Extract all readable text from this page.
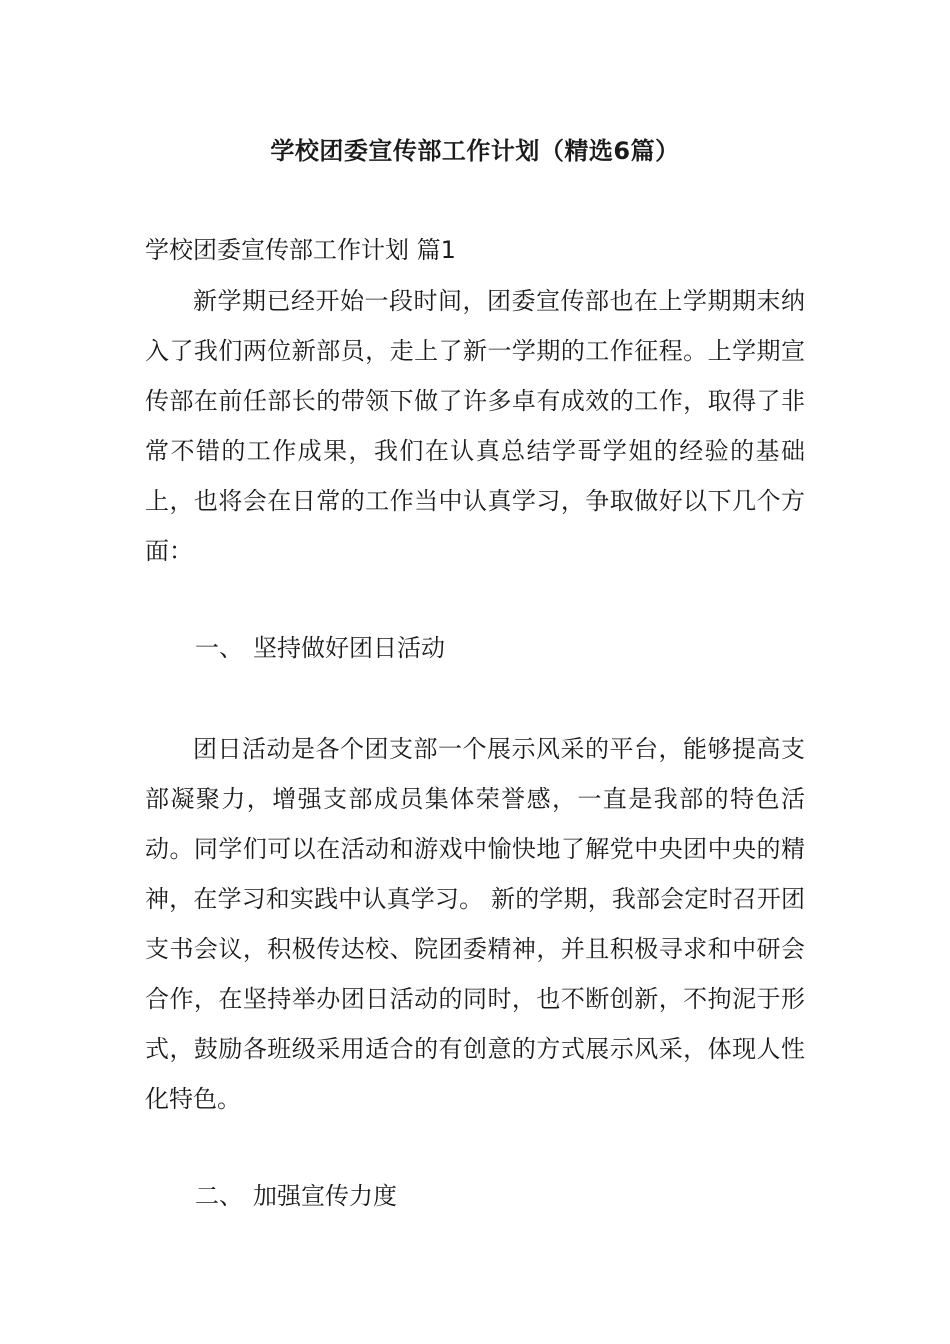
学校团委宣传部工作计划（精选6篇）
学校团委宣传部工作计划 篇1

新学期已经开始一段时间，团委宣传部也在上学期期末纳入了我们两位新部员，走上了新一学期的工作征程。上学期宣传部在前任部长的带领下做了许多卓有成效的工作，取得了非常不错的工作成果，我们在认真总结学哥学姐的经验的基础上，也将会在日常的工作当中认真学习，争取做好以下几个方面：

一、 坚持做好团日活动

团日活动是各个团支部一个展示风采的平台，能够提高支部凝聚力，增强支部成员集体荣誉感，一直是我部的特色活动。同学们可以在活动和游戏中愉快地了解党中央团中央的精神，在学习和实践中认真学习。 新的学期，我部会定时召开团支书会议，积极传达校、院团委精神，并且积极寻求和中研会合作，在坚持举办团日活动的同时，也不断创新，不拘泥于形式，鼓励各班级采用适合的有创意的方式展示风采，体现人性化特色。

二、 加强宣传力度
